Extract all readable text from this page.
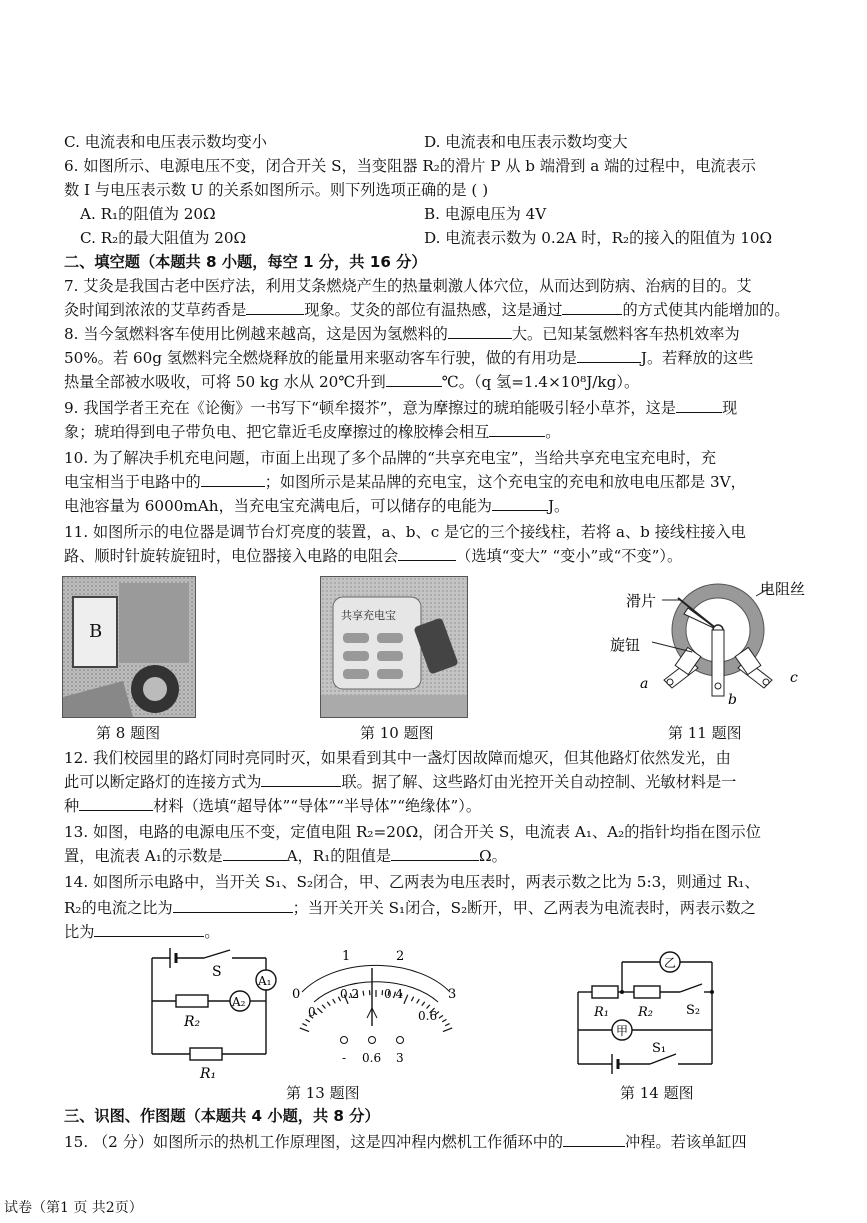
C. 电流表和电压表示数均变小	D. 电流表和电压表示数均变大
6. 如图所示、电源电压不变，闭合开关 S，当变阻器 R₂的滑片 P 从 b 端滑到 a 端的过程中，电流表示
数 I 与电压表示数 U 的关系如图所示。则下列选项正确的是 ( )
A. R₁的阻值为 20Ω	B. 电源电压为 4V
C. R₂的最大阻值为 20Ω	D. 电流表示数为 0.2A 时，R₂的接入的阻值为 10Ω
二、填空题（本题共 8 小题，每空 1 分，共 16 分）
7. 艾灸是我国古老中医疗法，利用艾条燃烧产生的热量刺激人体穴位，从而达到防病、治病的目的。艾
灸时闻到浓浓的艾草药香是	现象。艾灸的部位有温热感，这是通过	的方式使其内能增加的。
8. 当今氢燃料客车使用比例越来越高，这是因为氢燃料的	大。已知某氢燃料客车热机效率为
50%。若 60g 氢燃料完全燃烧释放的能量用来驱动客车行驶，做的有用功是	J。若释放的这些
热量全部被水吸收，可将 50 kg 水从 20℃升到	℃。（q 氢=1.4×10⁸J/kg）。
9. 我国学者王充在《论衡》一书写下“顿牟掇芥”，意为摩擦过的琥珀能吸引轻小草芥，这是	现
象；琥珀得到电子带负电、把它靠近毛皮摩擦过的橡胶棒会相互	。
10. 为了解决手机充电问题，市面上出现了多个品牌的“共享充电宝”，当给共享充电宝充电时，充
电宝相当于电路中的	；如图所示是某品牌的充电宝，这个充电宝的充电和放电电压都是 3V，
电池容量为 6000mAh，当充电宝充满电后，可以储存的电能为	J。
11. 如图所示的电位器是调节台灯亮度的装置，a、b、c 是它的三个接线柱，若将 a、b 接线柱接入电
路、顺时针旋转旋钮时，电位器接入电路的电阻会	（选填“变大” “变小”或“不变”）。
B
第 8 题图
共享充电宝
第 10 题图
电阻丝
滑片
旋钮
a
b
c
第 11 题图
12. 我们校园里的路灯同时亮同时灭，如果看到其中一盏灯因故障而熄灭，但其他路灯依然发光，由
此可以断定路灯的连接方式为	联。据了解、这些路灯由光控开关自动控制、光敏材料是一
种	材料（选填“超导体”“导体”“半导体”“绝缘体”）。
13. 如图，电路的电源电压不变，定值电阻 R₂=20Ω，闭合开关 S，电流表 A₁、A₂的指针均指在图示位
置，电流表 A₁的示数是	A，R₁的阻值是	Ω。
14. 如图所示电路中，当开关 S₁、S₂闭合，甲、乙两表为电压表时，两表示数之比为 5:3，则通过 R₁、
R₂的电流之比为	；当开关开关 S₁闭合，S₂断开，甲、乙两表为电流表时，两表示数之
比为	。
S
A₁
A₂
R₂
R₁
0
1	2
3
0
0.2 0.4
0.6
- 0.6 3
第 13 题图
乙
甲
R₁ R₂	S₂
S₁
第 14 题图
三、识图、作图题（本题共 4 小题，共 8 分）
15. （2 分）如图所示的热机工作原理图，这是四冲程内燃机工作循环中的	冲程。若该单缸四
试卷（第1 页 共2页）
